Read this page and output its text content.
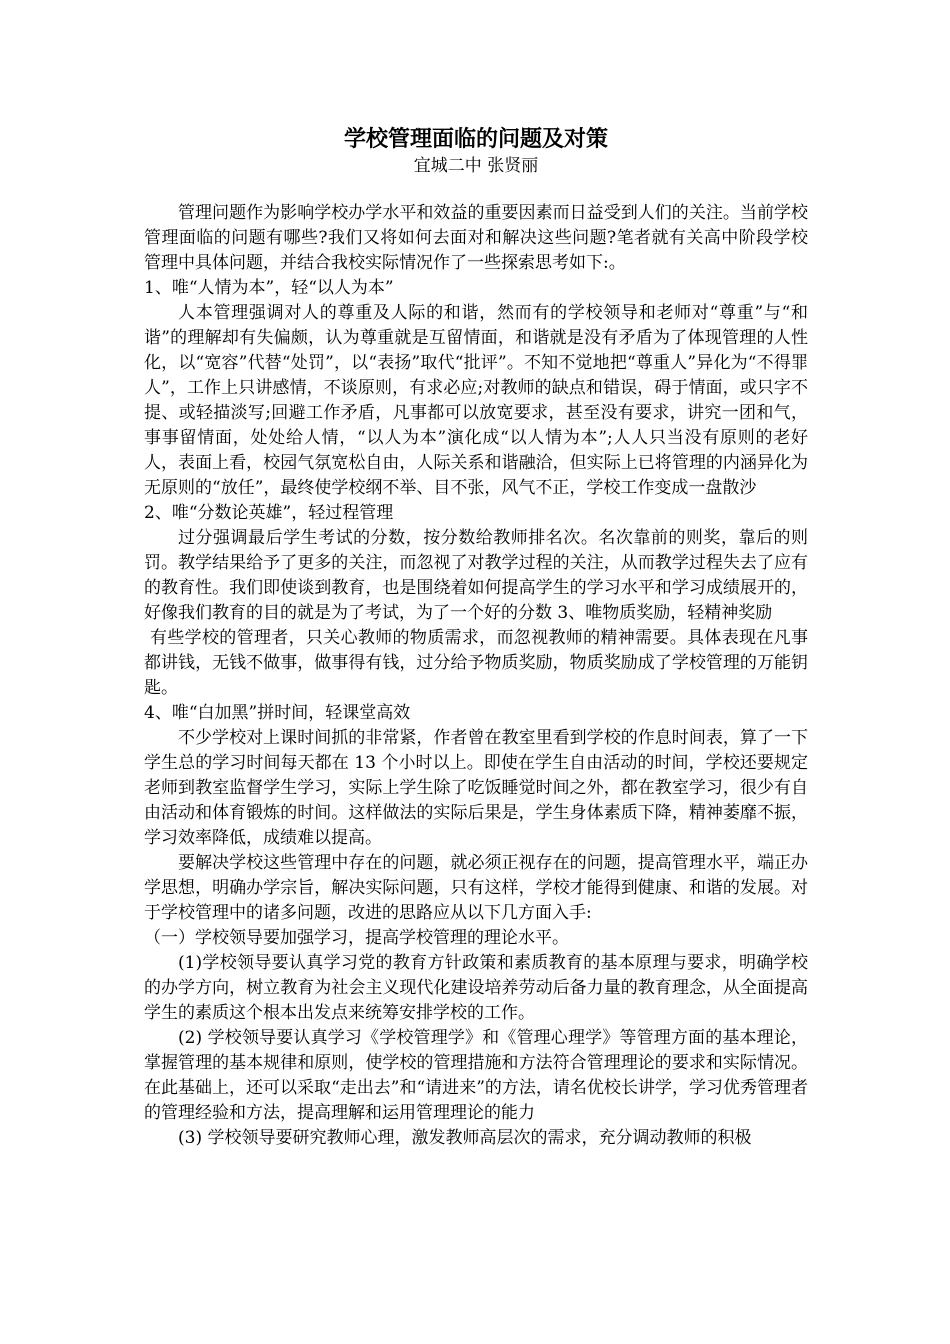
学校管理面临的问题及对策
宜城二中 张贤丽

管理问题作为影响学校办学水平和效益的重要因素而日益受到人们的关注。当前学校管理面临的问题有哪些?我们又将如何去面对和解决这些问题?笔者就有关高中阶段学校管理中具体问题，并结合我校实际情况作了一些探索思考如下:。

1、唯“人情为本”，轻“以人为本”

人本管理强调对人的尊重及人际的和谐，然而有的学校领导和老师对“尊重”与“和谐”的理解却有失偏颇，认为尊重就是互留情面，和谐就是没有矛盾为了体现管理的人性化，以“宽容”代替“处罚”，以“表扬”取代“批评”。不知不觉地把“尊重人”异化为“不得罪人”，工作上只讲感情，不谈原则，有求必应;对教师的缺点和错误，碍于情面，或只字不提、或轻描淡写;回避工作矛盾，凡事都可以放宽要求，甚至没有要求，讲究一团和气，事事留情面，处处给人情，“以人为本”演化成“以人情为本”;人人只当没有原则的老好人，表面上看，校园气氛宽松自由，人际关系和谐融洽，但实际上已将管理的内涵异化为无原则的“放任”，最终使学校纲不举、目不张，风气不正，学校工作变成一盘散沙

2、唯“分数论英雄”，轻过程管理

过分强调最后学生考试的分数，按分数给教师排名次。名次靠前的则奖，靠后的则罚。教学结果给予了更多的关注，而忽视了对教学过程的关注，从而教学过程失去了应有的教育性。我们即使谈到教育，也是围绕着如何提高学生的学习水平和学习成绩展开的，好像我们教育的目的就是为了考试，为了一个好的分数 3、唯物质奖励，轻精神奖励

有些学校的管理者，只关心教师的物质需求，而忽视教师的精神需要。具体表现在凡事都讲钱，无钱不做事，做事得有钱，过分给予物质奖励，物质奖励成了学校管理的万能钥匙。

4、唯“白加黑”拼时间，轻课堂高效

不少学校对上课时间抓的非常紧，作者曾在教室里看到学校的作息时间表，算了一下学生总的学习时间每天都在 13 个小时以上。即使在学生自由活动的时间，学校还要规定老师到教室监督学生学习，实际上学生除了吃饭睡觉时间之外，都在教室学习，很少有自由活动和体育锻炼的时间。这样做法的实际后果是，学生身体素质下降，精神萎靡不振，学习效率降低，成绩难以提高。

要解决学校这些管理中存在的问题，就必须正视存在的问题，提高管理水平，端正办学思想，明确办学宗旨，解决实际问题，只有这样，学校才能得到健康、和谐的发展。对于学校管理中的诸多问题，改进的思路应从以下几方面入手:

（一）学校领导要加强学习，提高学校管理的理论水平。

(1)学校领导要认真学习党的教育方针政策和素质教育的基本原理与要求，明确学校的办学方向，树立教育为社会主义现代化建设培养劳动后备力量的教育理念，从全面提高学生的素质这个根本出发点来统筹安排学校的工作。

(2) 学校领导要认真学习《学校管理学》和《管理心理学》等管理方面的基本理论，掌握管理的基本规律和原则，使学校的管理措施和方法符合管理理论的要求和实际情况。在此基础上，还可以采取“走出去”和“请进来”的方法，请名优校长讲学，学习优秀管理者的管理经验和方法，提高理解和运用管理理论的能力

(3) 学校领导要研究教师心理，激发教师高层次的需求，充分调动教师的积极
